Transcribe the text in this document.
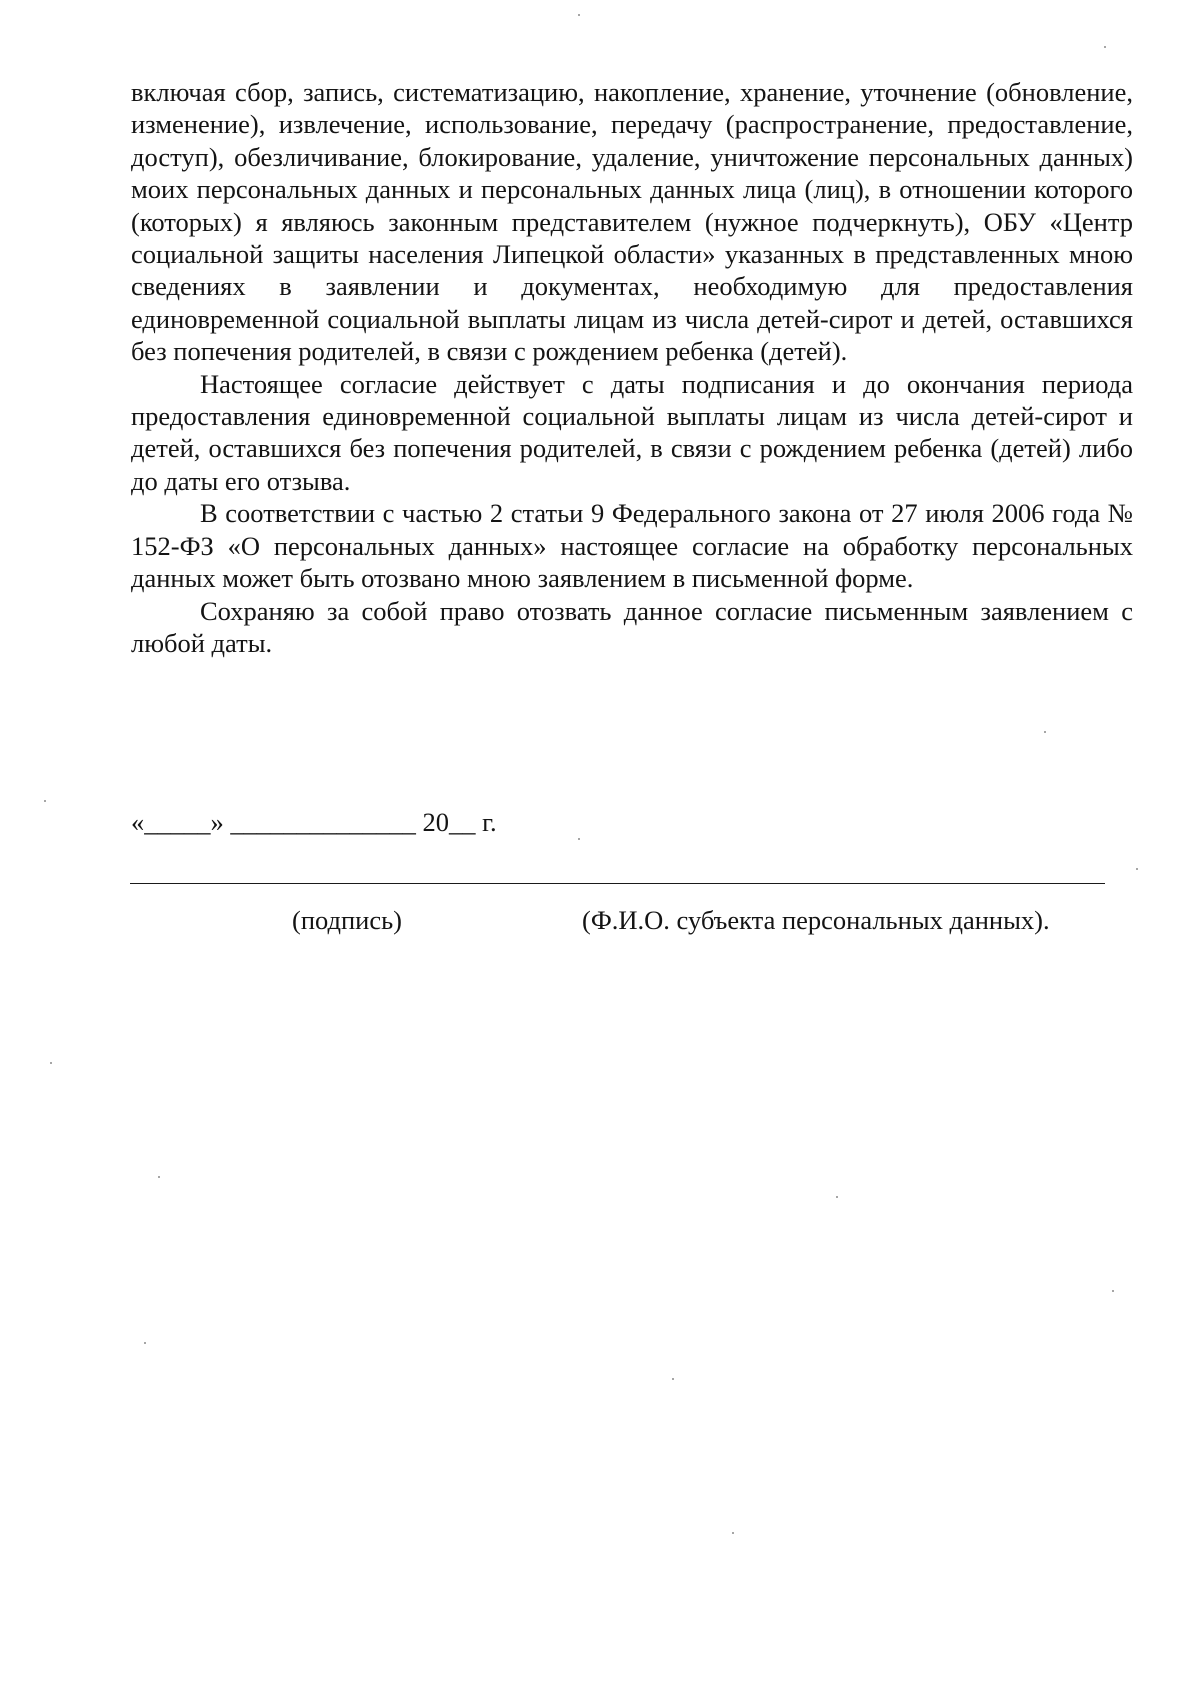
включая сбор, запись, систематизацию, накопление, хранение, уточнение (обновление, изменение), извлечение, использование, передачу (распространение, предоставление, доступ), обезличивание, блокирование, удаление, уничтожение персональных данных) моих персональных данных и персональных данных лица (лиц), в отношении которого (которых) я являюсь законным представителем (нужное подчеркнуть), ОБУ «Центр социальной защиты населения Липецкой области» указанных в представленных мною сведениях в заявлении и документах, необходимую для предоставления единовременной социальной выплаты лицам из числа детей-сирот и детей, оставшихся без попечения родителей, в связи с рождением ребенка (детей).

Настоящее согласие действует с даты подписания и до окончания периода предоставления единовременной социальной выплаты лицам из числа детей-сирот и детей, оставшихся без попечения родителей, в связи с рождением ребенка (детей) либо до даты его отзыва.

В соответствии с частью 2 статьи 9 Федерального закона от 27 июля 2006 года № 152-ФЗ «О персональных данных» настоящее согласие на обработку персональных данных может быть отозвано мною заявлением в письменной форме.

Сохраняю за собой право отозвать данное согласие письменным заявлением с любой даты.

«_____» ______________ 20__ г.
(подпись)	(Ф.И.О. субъекта персональных данных).
